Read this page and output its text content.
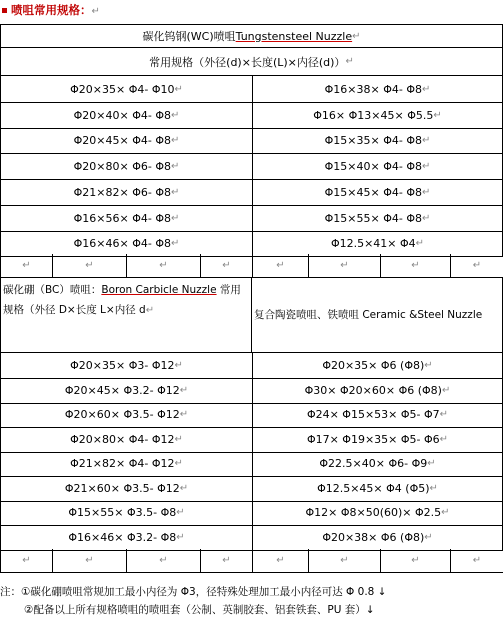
喷咀常用规格：↵
碳化钨钢(WC)喷咀 Tungstensteel Nuzzle ↵
常用规格（外径(d)×长度(L)×内径(d)） ↵
Φ20×35× Φ4- Φ10 ↵	Φ16×38× Φ4- Φ8 ↵
Φ20×40× Φ4- Φ8 ↵	Φ16× Φ13×45× Φ5.5 ↵
Φ20×45× Φ4- Φ8 ↵	Φ15×35× Φ4- Φ8 ↵
Φ20×80× Φ6- Φ8 ↵	Φ15×40× Φ4- Φ8 ↵
Φ21×82× Φ6- Φ8 ↵	Φ15×45× Φ4- Φ8 ↵
Φ16×56× Φ4- Φ8 ↵	Φ15×55× Φ4- Φ8 ↵
Φ16×46× Φ4- Φ8 ↵	Φ12.5×41× Φ4 ↵
↵	↵	↵	↵	↵	↵	↵	↵
碳化硼（BC）喷咀：Boron Carbicle Nuzzle 常用规格（外径 D×长度 L×内径 d↵	复合陶瓷喷咀、铁喷咀 Ceramic &Steel Nuzzle
Φ20×35× Φ3- Φ12 ↵	Φ20×35× Φ6 (Φ8) ↵
Φ20×45× Φ3.2- Φ12 ↵	Φ30× Φ20×60× Φ6 (Φ8) ↵
Φ20×60× Φ3.5- Φ12 ↵	Φ24× Φ15×53× Φ5- Φ7 ↵
Φ20×80× Φ4- Φ12 ↵	Φ17× Φ19×35× Φ5- Φ6 ↵
Φ21×82× Φ4- Φ12 ↵	Φ22.5×40× Φ6- Φ9 ↵
Φ21×60× Φ3.5- Φ12 ↵	Φ12.5×45× Φ4 (Φ5) ↵
Φ15×55× Φ3.5- Φ8 ↵	Φ12× Φ8×50(60)× Φ2.5 ↵
Φ16×46× Φ3.2- Φ8 ↵	Φ20×38× Φ6 (Φ8) ↵
↵	↵	↵	↵	↵	↵	↵	↵
注：①碳化硼喷咀常规加工最小内径为 Φ3，径特殊处理加工最小内径可达 Φ 0.8 ↓
②配备以上所有规格喷咀的喷咀套（公制、英制胶套、铝套铁套、PU 套）↓
